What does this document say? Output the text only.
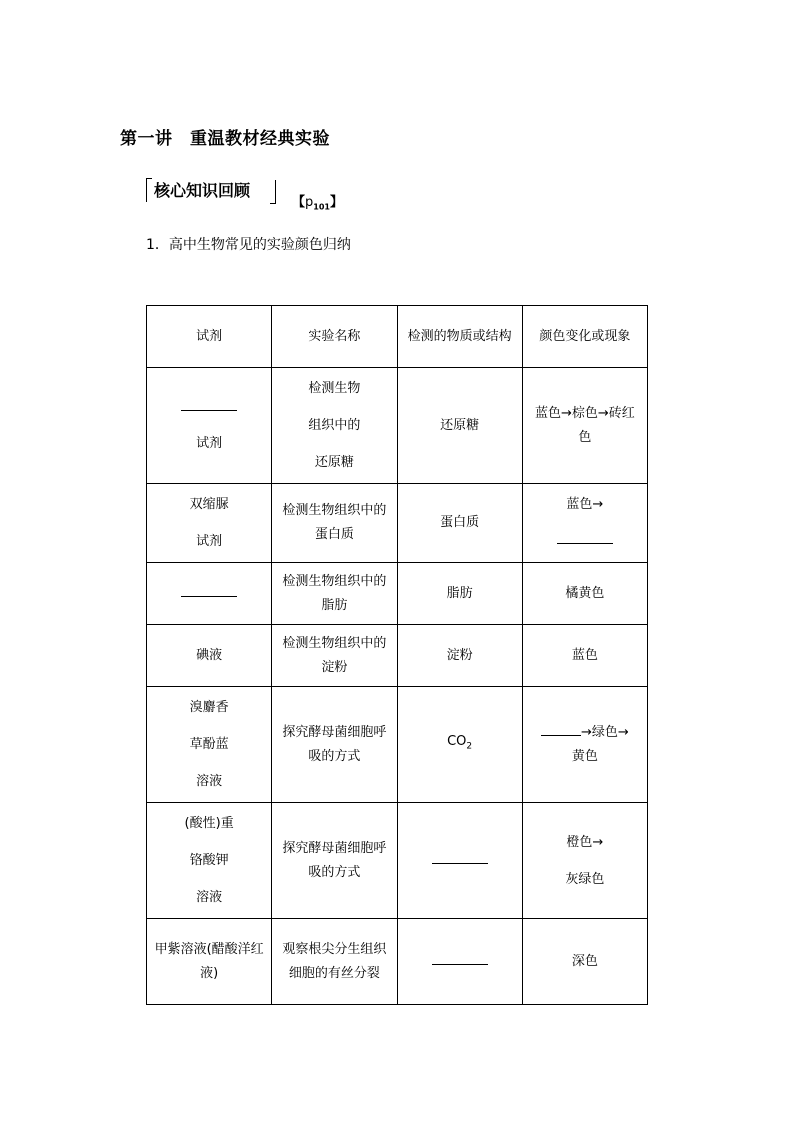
第一讲　重温教材经典实验
核心知识回顾
【$p_{101}$】
1．高中生物常见的实验颜色归纳
试剂	实验名称	检测的物质或结构	颜色变化或现象

试剂	检测生物
组织中的
还原糖	还原糖	蓝色→棕色→砖红色

双缩脲
试剂	检测生物组织中的蛋白质	蛋白质	蓝色→

	检测生物组织中的脂肪	脂肪	橘黄色
碘液	检测生物组织中的淀粉	淀粉	蓝色

溴麝香
草酚蓝
溶液	探究酵母菌细胞呼吸的方式	$CO_2$	→绿色→
黄色

(酸性)重
铬酸钾
溶液	探究酵母菌细胞呼吸的方式		橙色→
灰绿色

甲紫溶液(醋酸洋红液)	观察根尖分生组织细胞的有丝分裂		深色
